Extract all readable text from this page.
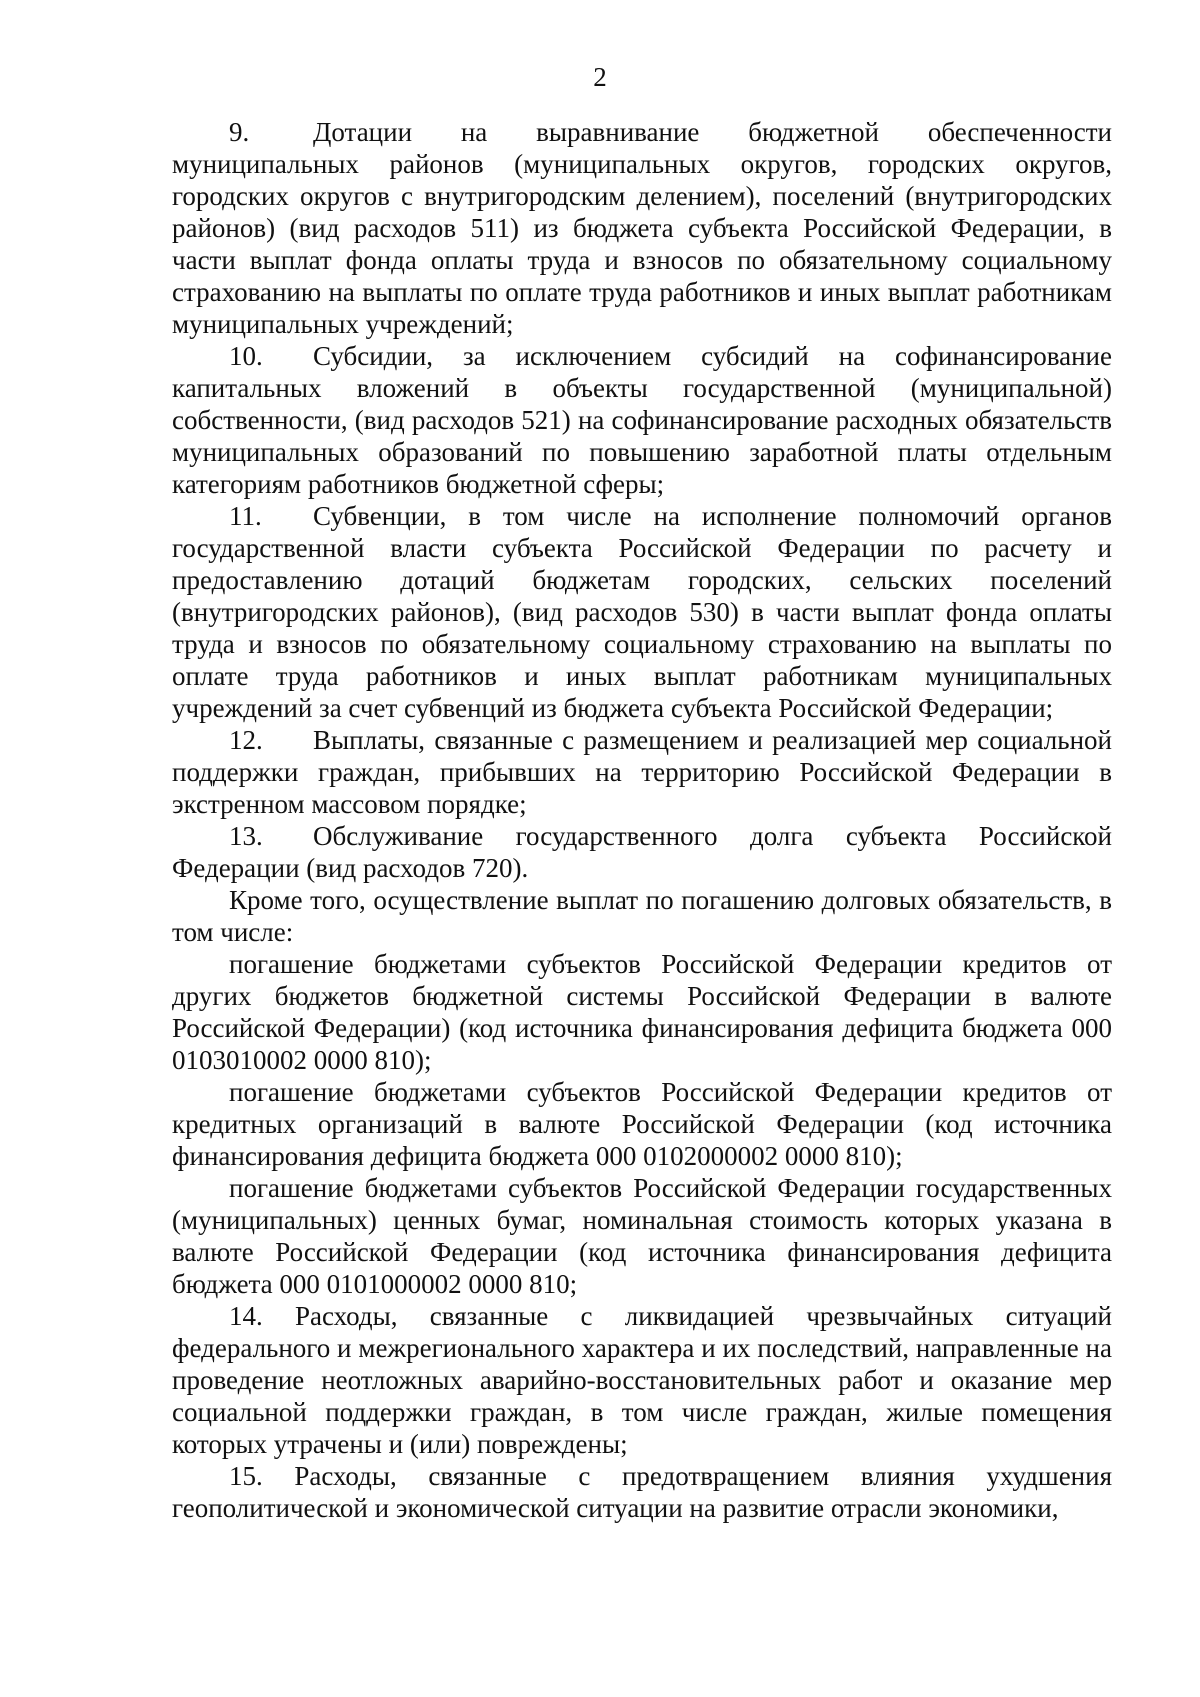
2

9. Дотации на выравнивание бюджетной обеспеченности муниципальных районов (муниципальных округов, городских округов, городских округов с внутригородским делением), поселений (внутригородских районов) (вид расходов 511) из бюджета субъекта Российской Федерации, в части выплат фонда оплаты труда и взносов по обязательному социальному страхованию на выплаты по оплате труда работников и иных выплат работникам муниципальных учреждений;

10. Субсидии, за исключением субсидий на софинансирование капитальных вложений в объекты государственной (муниципальной) собственности, (вид расходов 521) на софинансирование расходных обязательств муниципальных образований по повышению заработной платы отдельным категориям работников бюджетной сферы;

11. Субвенции, в том числе на исполнение полномочий органов государственной власти субъекта Российской Федерации по расчету и предоставлению дотаций бюджетам городских, сельских поселений (внутригородских районов), (вид расходов 530) в части выплат фонда оплаты труда и взносов по обязательному социальному страхованию на выплаты по оплате труда работников и иных выплат работникам муниципальных учреждений за счет субвенций из бюджета субъекта Российской Федерации;

12. Выплаты, связанные с размещением и реализацией мер социальной поддержки граждан, прибывших на территорию Российской Федерации в экстренном массовом порядке;

13. Обслуживание государственного долга субъекта Российской Федерации (вид расходов 720).

Кроме того, осуществление выплат по погашению долговых обязательств, в том числе:

погашение бюджетами субъектов Российской Федерации кредитов от других бюджетов бюджетной системы Российской Федерации в валюте Российской Федерации) (код источника финансирования дефицита бюджета 000 0103010002 0000 810);

погашение бюджетами субъектов Российской Федерации кредитов от кредитных организаций в валюте Российской Федерации (код источника финансирования дефицита бюджета 000 0102000002 0000 810);

погашение бюджетами субъектов Российской Федерации государственных (муниципальных) ценных бумаг, номинальная стоимость которых указана в валюте Российской Федерации (код источника финансирования дефицита бюджета 000 0101000002 0000 810;

14. Расходы, связанные с ликвидацией чрезвычайных ситуаций федерального и межрегионального характера и их последствий, направленные на проведение неотложных аварийно-восстановительных работ и оказание мер социальной поддержки граждан, в том числе граждан, жилые помещения которых утрачены и (или) повреждены;

15. Расходы, связанные с предотвращением влияния ухудшения геополитической и экономической ситуации на развитие отрасли экономики,
